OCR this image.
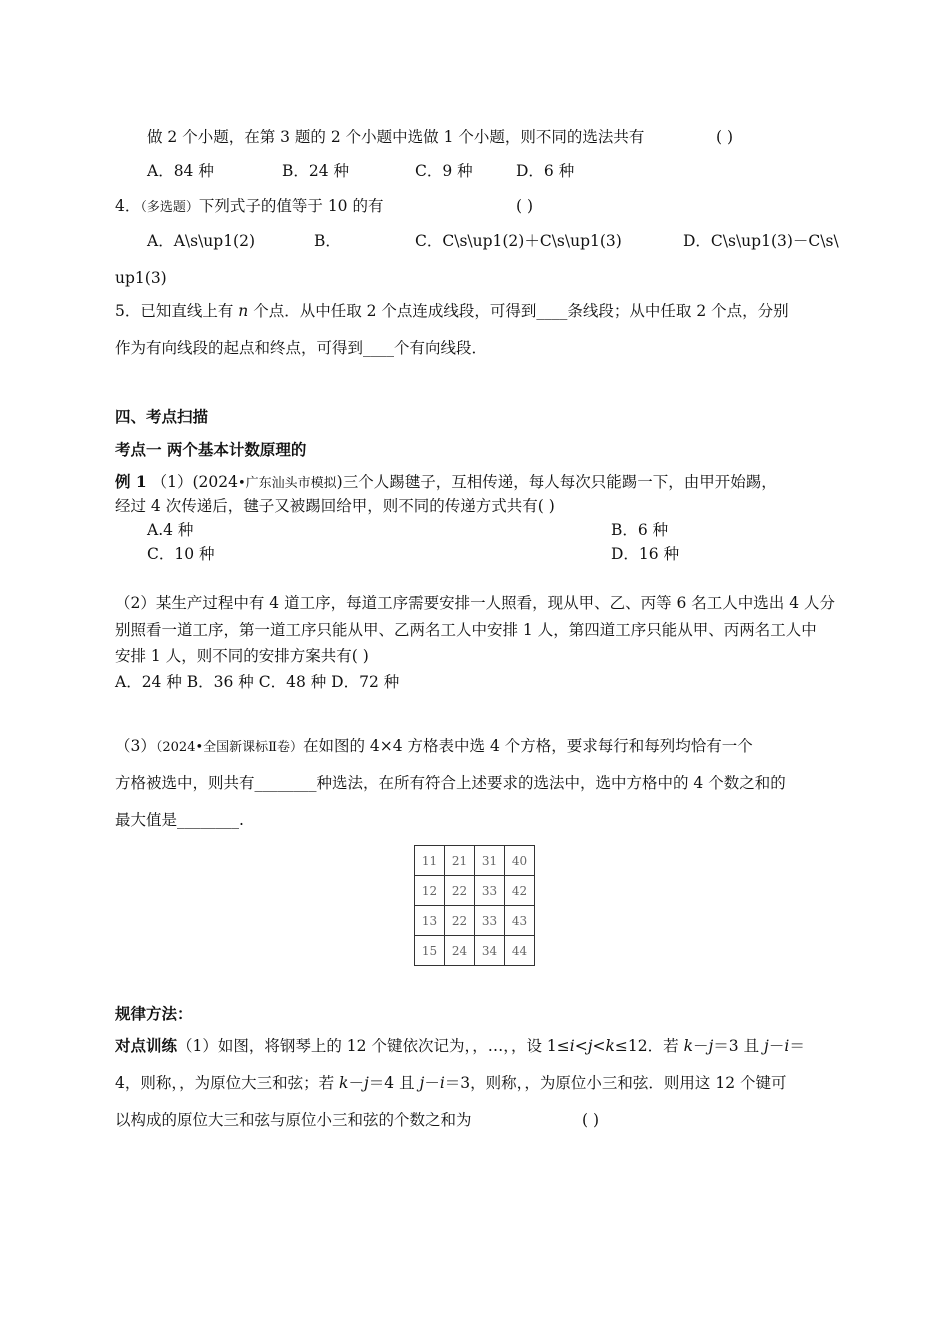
做 2 个小题，在第 3 题的 2 个小题中选做 1 个小题，则不同的选法共有	( )
A．84 种	B．24 种	C．9 种	D．6 种
4．（多选题）下列式子的值等于 10 的有	( )
A．A\s\up1(2)	B．	C．C\s\up1(2)＋C\s\up1(3)	D．C\s\up1(3)－C\s\
up1(3)
5．已知直线上有 n 个点．从中任取 2 个点连成线段，可得到____条线段；从中任取 2 个点，分别
作为有向线段的起点和终点，可得到____个有向线段．
四、考点扫描
考点一 两个基本计数原理的
例 1 （1）(2024•广东汕头市模拟)三个人踢毽子，互相传递，每人每次只能踢一下，由甲开始踢，
经过 4 次传递后，毽子又被踢回给甲，则不同的传递方式共有( )
A.4 种	B．6 种
C．10 种	D．16 种
（2）某生产过程中有 4 道工序，每道工序需要安排一人照看，现从甲、乙、丙等 6 名工人中选出 4 人分
别照看一道工序，第一道工序只能从甲、乙两名工人中安排 1 人，第四道工序只能从甲、丙两名工人中
安排 1 人，则不同的安排方案共有( )
A．24 种 B．36 种 C．48 种 D．72 种
（3）（2024•全国新课标Ⅱ卷）在如图的 4×4 方格表中选 4 个方格，要求每行和每列均恰有一个
方格被选中，则共有________种选法，在所有符合上述要求的选法中，选中方格中的 4 个数之和的
最大值是________.
11	21	31	40
12	22	33	42
13	22	33	43
15	24	34	44
规律方法：
对点训练（1）如图，将钢琴上的 12 个键依次记为，，…，，设 1≤i<j<k≤12．若 k－j＝3 且 j－i＝
4，则称，，为原位大三和弦；若 k－j＝4 且 j－i＝3，则称，，为原位小三和弦．则用这 12 个键可
以构成的原位大三和弦与原位小三和弦的个数之和为	( )
